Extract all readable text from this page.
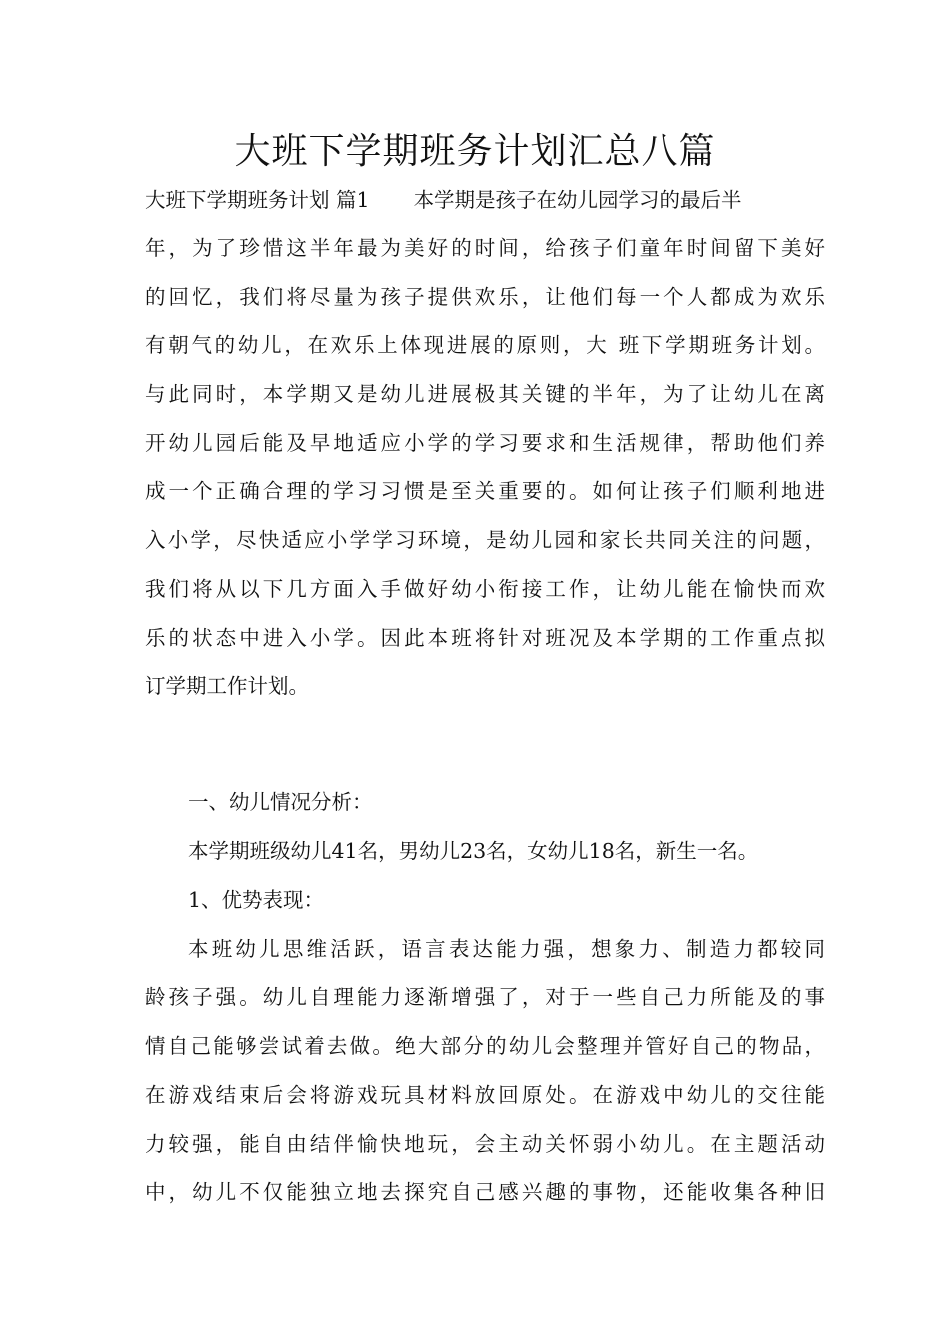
大班下学期班务计划汇总八篇

大班下学期班务计划 篇1 本学期是孩子在幼儿园学习的最后半

年，为了珍惜这半年最为美好的时间，给孩子们童年时间留下美好

的回忆，我们将尽量为孩子提供欢乐，让他们每一个人都成为欢乐

有朝气的幼儿，在欢乐上体现进展的原则，大 班下学期班务计划。

与此同时，本学期又是幼儿进展极其关键的半年，为了让幼儿在离

开幼儿园后能及早地适应小学的学习要求和生活规律，帮助他们养

成一个正确合理的学习习惯是至关重要的。如何让孩子们顺利地进

入小学，尽快适应小学学习环境，是幼儿园和家长共同关注的问题，

我们将从以下几方面入手做好幼小衔接工作，让幼儿能在愉快而欢

乐的状态中进入小学。因此本班将针对班况及本学期的工作重点拟

订学期工作计划。

一、幼儿情况分析：

本学期班级幼儿41名，男幼儿23名，女幼儿18名，新生一名。

1、优势表现：

本班幼儿思维活跃，语言表达能力强，想象力、制造力都较同

龄孩子强。幼儿自理能力逐渐增强了，对于一些自己力所能及的事

情自己能够尝试着去做。绝大部分的幼儿会整理并管好自己的物品，

在游戏结束后会将游戏玩具材料放回原处。在游戏中幼儿的交往能

力较强，能自由结伴愉快地玩，会主动关怀弱小幼儿。在主题活动

中，幼儿不仅能独立地去探究自己感兴趣的事物，还能收集各种旧
